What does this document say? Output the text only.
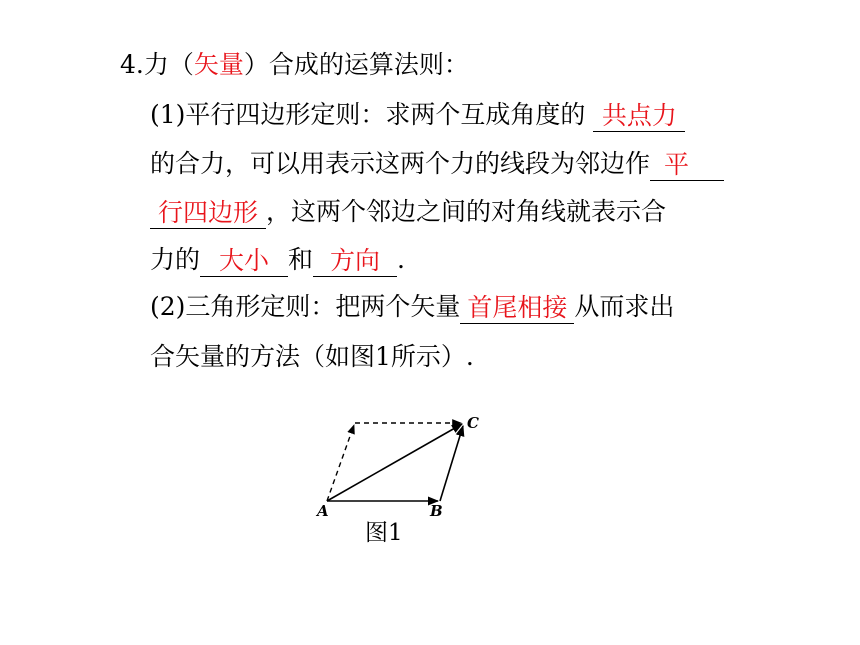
4.力（矢量）合成的运算法则：
(1)平行四边形定则：求两个互成角度的 共点力
的合力，可以用表示这两个力的线段为邻边作 平
行四边形 ，这两个邻边之间的对角线就表示合
力的 大小 和 方向 .
(2)三角形定则：把两个矢量 首尾相接 从而求出
合矢量的方法（如图1所示）.
A	B
C
图1
